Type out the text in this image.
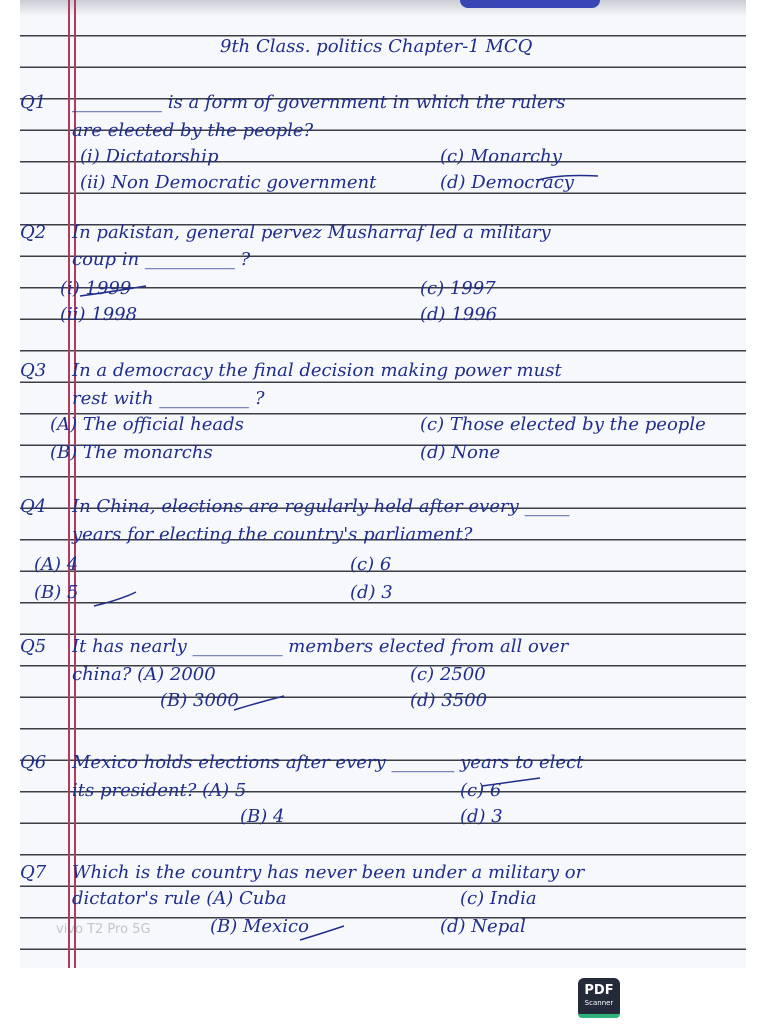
9th Class. politics Chapter-1 MCQ
Q1	__________ is a form of government in which the rulers
are elected by the people?
(i) Dictatorship	(c) Monarchy
(ii) Non Democratic government	(d) Democracy
Q2	In pakistan, general pervez Musharraf led a military
coup in __________ ?
(i) 1999	(c) 1997
(ii) 1998	(d) 1996
Q3	In a democracy the final decision making power must
rest with __________ ?
(A) The official heads	(c) Those elected by the people
(B) The monarchs	(d) None
Q4	In China, elections are regularly held after every _____
years for electing the country's parliament?
(A) 4	(c) 6
(B) 5	(d) 3
Q5	It has nearly __________ members elected from all over
china? (A) 2000	(c) 2500
(B) 3000	(d) 3500
Q6	Mexico holds elections after every _______ years to elect
its president? (A) 5	(c) 6
(B) 4	(d) 3
Q7	Which is the country has never been under a military or
dictator's rule (A) Cuba	(c) India
(B) Mexico	(d) Nepal
vivo T2 Pro 5G
PDF
Scanner
